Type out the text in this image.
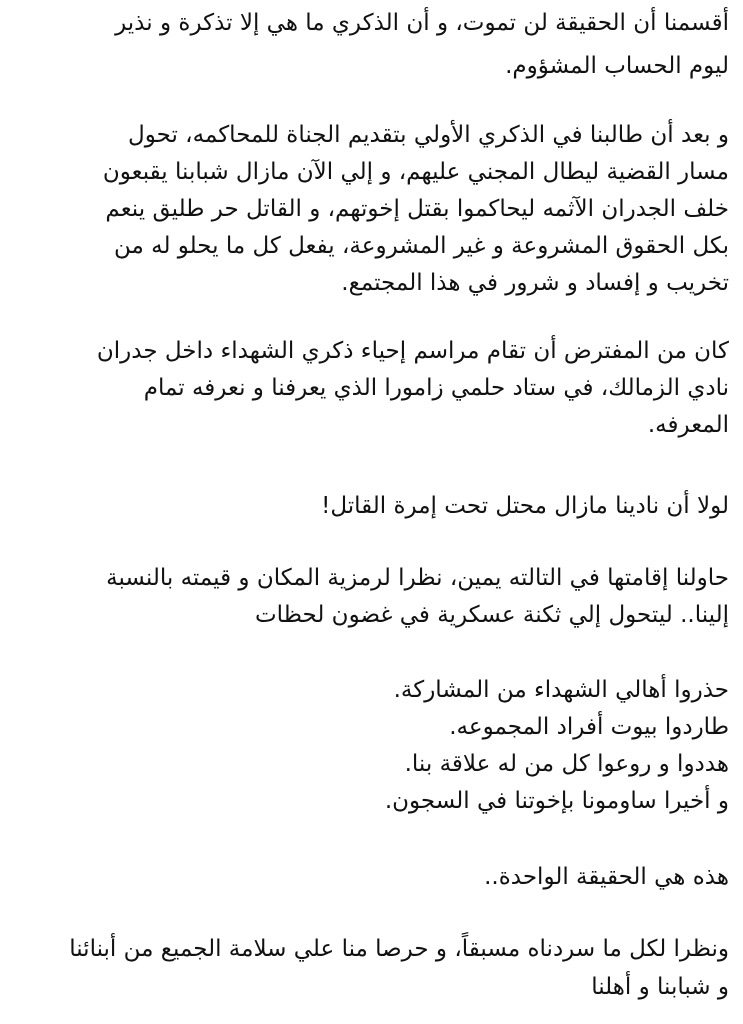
أقسمنا أن الحقيقة لن تموت، و أن الذكري ما هي إلا تذكرة و نذير
ليوم الحساب المشؤوم.
و بعد أن طالبنا في الذكري الأولي بتقديم الجناة للمحاكمه، تحول
مسار القضية ليطال المجني عليهم، و إلي الآن مازال شبابنا يقبعون
خلف الجدران الآثمه ليحاكموا بقتل إخوتهم، و القاتل حر طليق ينعم
بكل الحقوق المشروعة و غير المشروعة، يفعل كل ما يحلو له من
تخريب و إفساد و شرور في هذا المجتمع.
كان من المفترض أن تقام مراسم إحياء ذكري الشهداء داخل جدران
نادي الزمالك، في ستاد حلمي زامورا الذي يعرفنا و نعرفه تمام
المعرفه.
لولا أن نادينا مازال محتل تحت إمرة القاتل!
حاولنا إقامتها في التالته يمين، نظرا لرمزية المكان و قيمته بالنسبة
إلينا.. ليتحول إلي ثكنة عسكرية في غضون لحظات
حذروا أهالي الشهداء من المشاركة.
طاردوا بيوت أفراد المجموعه.
هددوا و روعوا كل من له علاقة بنا.
و أخيرا ساومونا بإخوتنا في السجون.
هذه هي الحقيقة الواحدة..
ونظرا لكل ما سردناه مسبقاً، و حرصا منا علي سلامة الجميع من أبنائنا
و شبابنا و أهلنا
